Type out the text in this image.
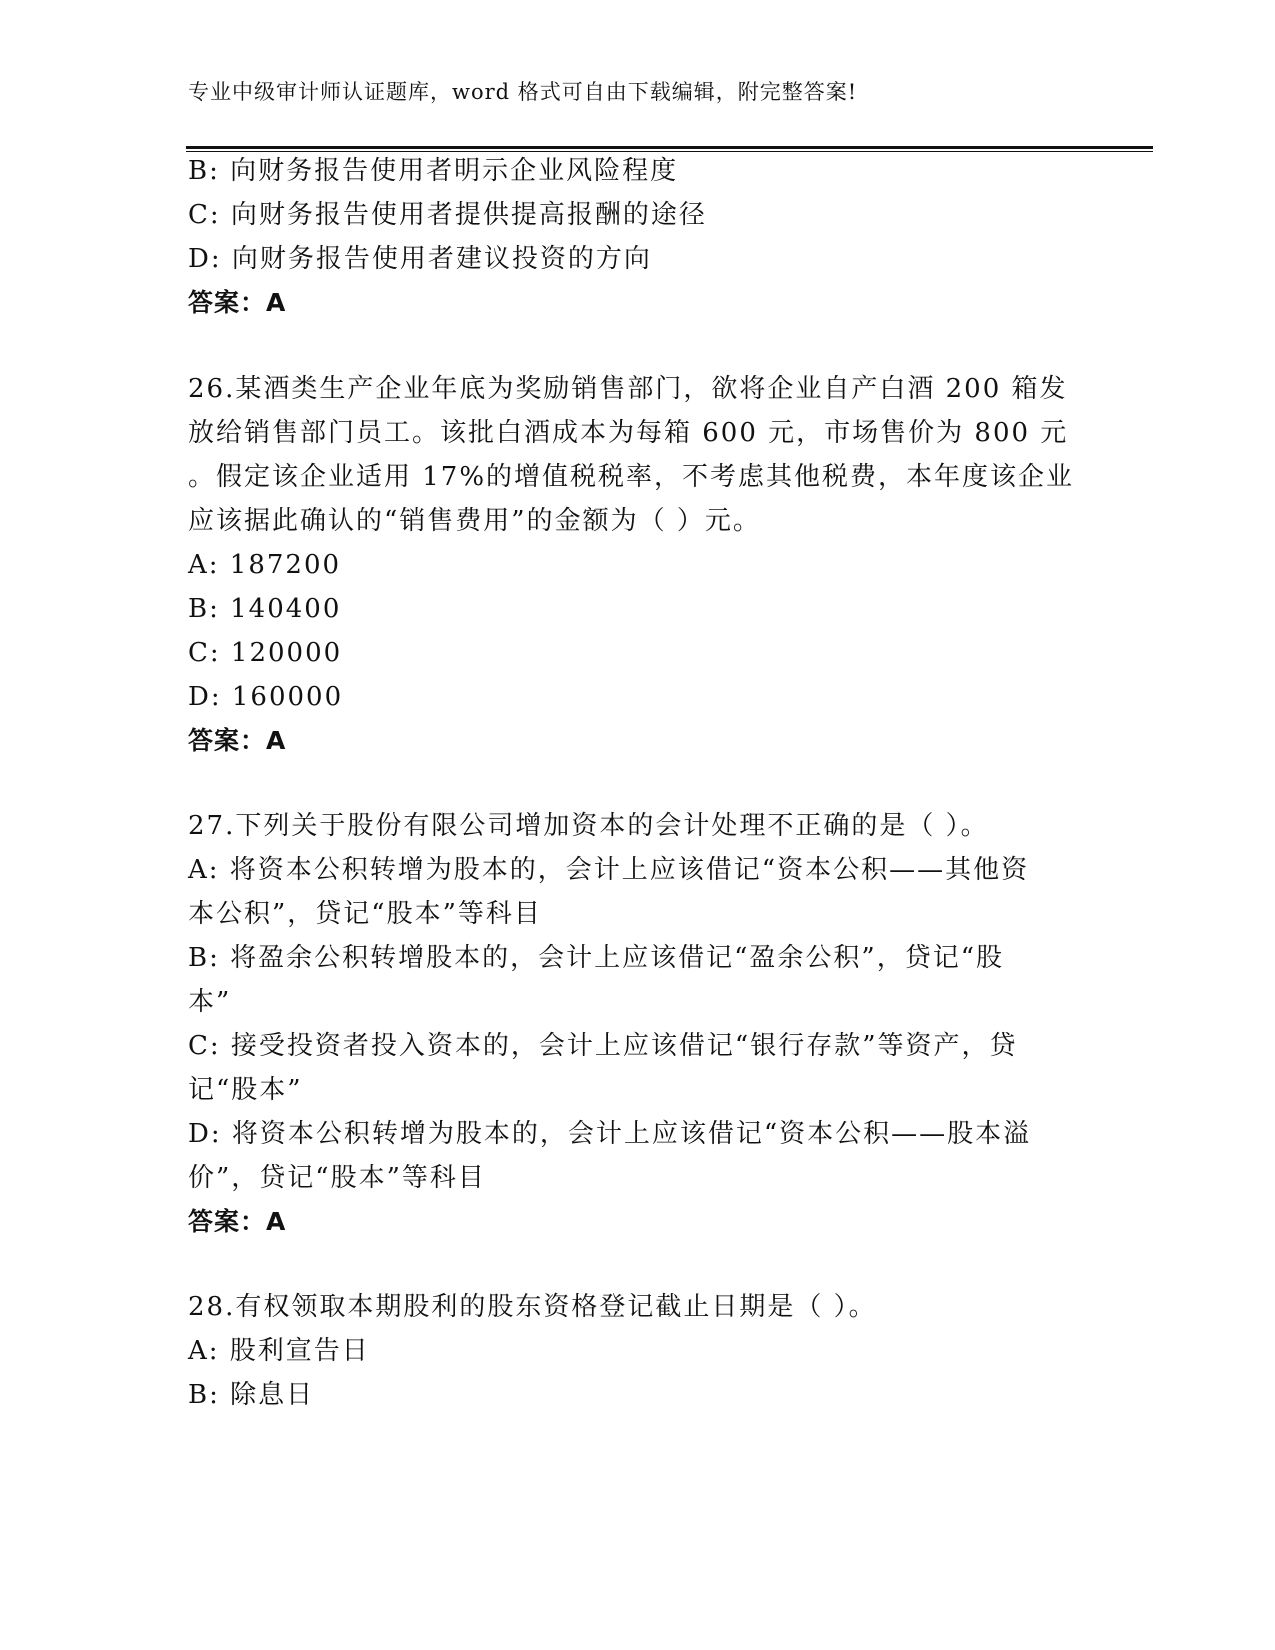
专业中级审计师认证题库，word 格式可自由下载编辑，附完整答案!
B: 向财务报告使用者明示企业风险程度
C: 向财务报告使用者提供提高报酬的途径
D: 向财务报告使用者建议投资的方向
答案：A
26.某酒类生产企业年底为奖励销售部门，欲将企业自产白酒 200 箱发
放给销售部门员工。该批白酒成本为每箱 600 元，市场售价为 800 元
。假定该企业适用 17%的增值税税率，不考虑其他税费，本年度该企业
应该据此确认的“销售费用”的金额为（ ）元。
A: 187200
B: 140400
C: 120000
D: 160000
答案：A
27.下列关于股份有限公司增加资本的会计处理不正确的是（ ）。
A: 将资本公积转增为股本的，会计上应该借记“资本公积——其他资
本公积”，贷记“股本”等科目
B: 将盈余公积转增股本的，会计上应该借记“盈余公积”，贷记“股
本”
C: 接受投资者投入资本的，会计上应该借记“银行存款”等资产，贷
记“股本”
D: 将资本公积转增为股本的，会计上应该借记“资本公积——股本溢
价”，贷记“股本”等科目
答案：A
28.有权领取本期股利的股东资格登记截止日期是（ ）。
A: 股利宣告日
B: 除息日
